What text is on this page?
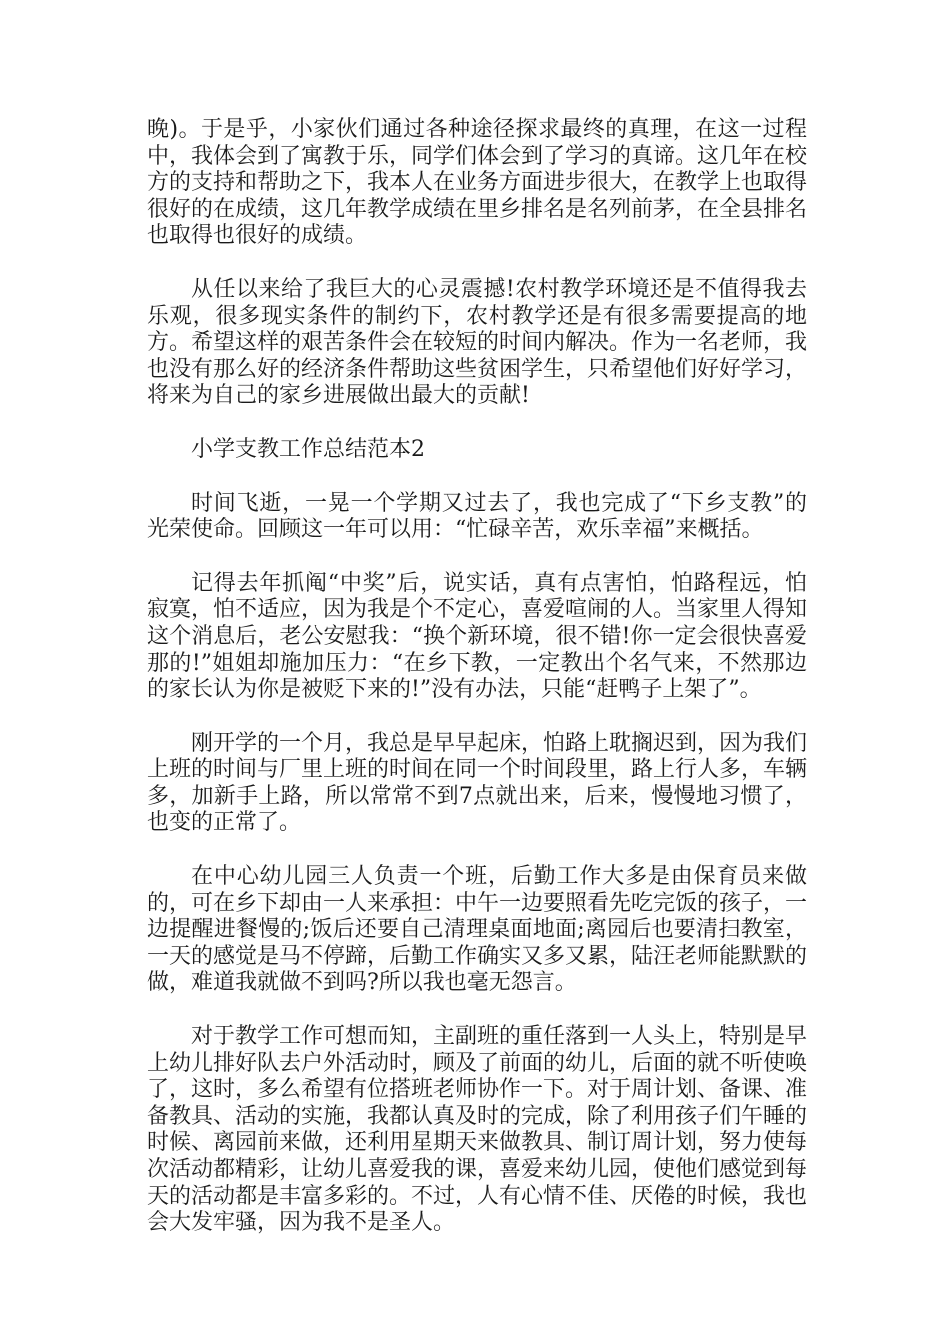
晚)。于是乎，小家伙们通过各种途径探求最终的真理，在这一过程中，我体会到了寓教于乐，同学们体会到了学习的真谛。这几年在校方的支持和帮助之下，我本人在业务方面进步很大，在教学上也取得很好的在成绩，这几年教学成绩在里乡排名是名列前茅，在全县排名也取得也很好的成绩。

从任以来给了我巨大的心灵震撼!农村教学环境还是不值得我去乐观，很多现实条件的制约下，农村教学还是有很多需要提高的地方。希望这样的艰苦条件会在较短的时间内解决。作为一名老师，我也没有那么好的经济条件帮助这些贫困学生，只希望他们好好学习，将来为自己的家乡进展做出最大的贡献!

小学支教工作总结范本2

时间飞逝，一晃一个学期又过去了，我也完成了“下乡支教”的光荣使命。回顾这一年可以用：“忙碌辛苦，欢乐幸福”来概括。

记得去年抓阄“中奖”后，说实话，真有点害怕，怕路程远，怕寂寞，怕不适应，因为我是个不定心，喜爱喧闹的人。当家里人得知这个消息后，老公安慰我：“换个新环境，很不错!你一定会很快喜爱那的!”姐姐却施加压力：“在乡下教，一定教出个名气来，不然那边的家长认为你是被贬下来的!”没有办法，只能“赶鸭子上架了”。

刚开学的一个月，我总是早早起床，怕路上耽搁迟到，因为我们上班的时间与厂里上班的时间在同一个时间段里，路上行人多，车辆多，加新手上路，所以常常不到7点就出来，后来，慢慢地习惯了，也变的正常了。

在中心幼儿园三人负责一个班，后勤工作大多是由保育员来做的，可在乡下却由一人来承担：中午一边要照看先吃完饭的孩子，一边提醒进餐慢的;饭后还要自己清理桌面地面;离园后也要清扫教室，一天的感觉是马不停蹄，后勤工作确实又多又累，陆汪老师能默默的做，难道我就做不到吗?所以我也毫无怨言。

对于教学工作可想而知，主副班的重任落到一人头上，特别是早上幼儿排好队去户外活动时，顾及了前面的幼儿，后面的就不听使唤了，这时，多么希望有位搭班老师协作一下。对于周计划、备课、准备教具、活动的实施，我都认真及时的完成，除了利用孩子们午睡的时候、离园前来做，还利用星期天来做教具、制订周计划，努力使每次活动都精彩，让幼儿喜爱我的课，喜爱来幼儿园，使他们感觉到每天的活动都是丰富多彩的。不过，人有心情不佳、厌倦的时候，我也会大发牢骚，因为我不是圣人。
